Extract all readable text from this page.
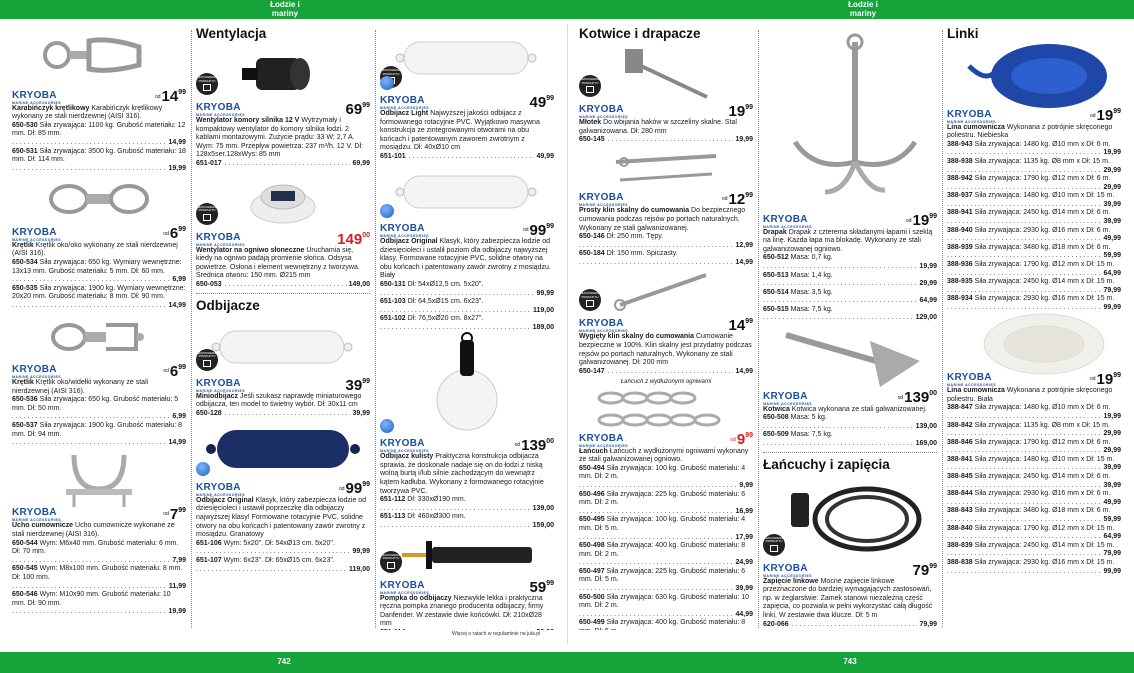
Łodzie i mariny
Łodzie i mariny
742	743
KRYOBA
MARINE ACCESSORIES
$od14^{99}$
Karabińczyk krętlikowy Karabińczyk krętlikowy wykonany ze stali nierdzewnej (AISI 316).
650-530 Siła zrywająca: 1100 kg. Grubość materiału: 12 mm. Dł: 85 mm.
. . .
14,99
650-531 Siła zrywająca: 3500 kg. Grubość materiału: 18 mm. Dł: 114 mm.
. . .
19,99
KRYOBA
MARINE ACCESSORIES
$od6^{99}$
Krętlik Krętlik oko/oko wykonany ze stali nierdzewnej (AISI 316).
650-534 Siła zrywająca: 650 kg. Wymiary wewnętrzne: 13x13 mm. Grubość materiału: 5 mm. Dł: 60 mm.
. . .
6,99
650-535 Siła zrywająca: 1900 kg. Wymiary wewnętrzne: 20x20 mm. Grubość materiału: 8 mm. Dł: 90 mm.
. . .
14,99
KRYOBA
MARINE ACCESSORIES
$od6^{99}$
Krętlik Krętlik oko/widełki wykonany ze stali nierdzewnej (AISI 316).
650-536 Siła zrywająca: 650 kg. Grubość materiału: 5 mm. Dł: 50 mm.
. . .
6,99
650-537 Siła zrywająca: 1900 kg. Grubość materiału: 8 mm. Dł: 94 mm.
. . .
14,99
KRYOBA
MARINE ACCESSORIES
$od7^{99}$
Ucho cumownicze Ucho cumownicze wykonane ze stali nierdzewnej (AISI 316).
650-544 Wym: M6x40 mm. Grubość materiału: 6 mm. Dł: 70 mm.
. . .
7,99
650-545 Wym: M8x100 mm. Grubość materiału: 8 mm. Dł: 100 mm.
. . .
11,99
650-546 Wym: M10x90 mm. Grubość materiału: 10 mm. Dł: 90 mm.
. . .
19,99
Wentylacja
ZESTAWIENIE PRODUKTU
KRYOBA
MARINE ACCESSORIES	$69^{99}$
Wentylator komory silnika 12 V Wytrzymały i kompaktowy wentylator do komory silnika łodzi. 2 kablami montażowymi. Zużycie prądu: 33 W; 2,7 A. Wym: 75 mm. Przepływ powietrza: 237 m³/h. 12 V. Dł: 128x5ser.128xWys: 85 mm
651-017 . . .	69,99
ZESTAWIENIE PRODUKTU
KRYOBA
MARINE ACCESSORIES	$149^{00}$
Wentylator na ogniwo słoneczne Uruchamia się, kiedy na ogniwo padają promienie słońca. Odsysa powietrze. Osłona i element wewnętrzny z tworzywa. Średnica otworu: 150 mm. Ø215 mm
650-053 . . .	149,00
Odbijacze
ZESTAWIENIE PRODUKTU
KRYOBA
MARINE ACCESSORIES	$39^{99}$
Miniodbijacz Jeśli szukasz naprawdę miniaturowego odbijacza, ten model to świetny wybór. Dł: 30x11 cm
650-128 . . .	39,99
KRYOBA
MARINE ACCESSORIES
$od99^{99}$
Odbijacz Original Klasyk, który zabezpiecza łodzie od dziesięcioleci i ustawił poprzeczkę dla odbijaczy najwyższej klasy! Formowane rotacyjnie PVC, solidne otwory na obu końcach i patentowany zawór zwrotny z mosiądzu. Granatowy
651-106 Wym: 5x20". Dł: 54xØ13 cm. 5x20".
. . .
99,99
651-107 Wym: 6x23". Dł: 65xØ15 cm. 6x23".
. . .
119,00
ZESTAWIENIE PRODUKTU
KRYOBA
MARINE ACCESSORIES	$49^{99}$
Odbijacz Light Najwyższej jakości odbijacz z formowanego rotacyjnie PVC. Wyjątkowo masywna konstrukcja ze zintegrowanymi otworami na obu końcach i patentowanym zaworem zwrotnym z mosiądzu. Dł: 40xØ10 cm
651-101 . . .	49,99
KRYOBA
MARINE ACCESSORIES
$od99^{99}$
Odbijacz Original Klasyk, który zabezpiecza łodzie od dziesięcioleci i ustalił poziom dla odbijaczy najwyższej klasy. Formowane rotacyjnie PVC, solidne otwory na obu końcach i patentowany zawór zwrotny z mosiądzu. Biały
650-131 Dł: 54xØ12,5 cm. 5x20".
. . .
99,99
651-103 Dł: 64,5xØ15 cm. 6x23".
. . .
119,00
651-102 Dł: 76,5xØ20 cm. 8x27".
. . .
189,00
KRYOBA
MARINE ACCESSORIES
$od139^{00}$
Odbijacz kulisty Praktyczna konstrukcja odbijacza sprawia, że doskonale nadaje się on do łodzi z niską wolną burtą i/lub silnie zachodzącym do wewnątrz kątem kadłuba. Wykonany z formowanego rotacyjnie tworzywa PVC.
651-112 Dł: 330xØ190 mm.
. . .
139,00
651-113 Dł: 460xØ300 mm.
. . .
159,00
ZESTAWIENIE PRODUKTU
KRYOBA
MARINE ACCESSORIES	$59^{99}$
Pompka do odbijaczy Niezwykle lekka i praktyczna ręczna pompka znanego producenta odbijaczy, firmy Danfender. W zestawie dwie końcówki. Dł: 210xØ28 mm
. . .
Kotwice i drapacze
ZESTAWIENIE PRODUKTU
KRYOBA
MARINE ACCESSORIES	$19^{99}$
Młotek Do wbijania haków w szczeliny skalne. Stal galwanizowana. Dł: 280 mm
650-145 . . .	19,99
KRYOBA
MARINE ACCESSORIES
$od12^{99}$
Prosty klin skalny do cumowania Do bezpiecznego cumowania podczas rejsów po portach naturalnych. Wykonany ze stali galwanizowanej.
650-146 Dł: 250 mm. Tępy.
. . .
12,99
650-184 Dł: 150 mm. Spiczasty.
. . .
14,99
ZESTAWIENIE PRODUKTU
KRYOBA
MARINE ACCESSORIES	$14^{99}$
Wygięty klin skalny do cumowania Cumowanie bezpieczne w 100%. Klin skalny jest przydatny podczas rejsów po portach naturalnych. Wykonany ze stali galwanizowanej. Dł: 200 mm
650-147 . . .	14,99
Łańcuch z wydłużonymi ogniwami
KRYOBA
MARINE ACCESSORIES
$od9^{99}$
Łańcuch Łańcuch z wydłużonymi ogniwami wykonany ze stali galwanizowanej ogniowo.
650-494 Siła zrywająca: 100 kg. Grubość materiału: 4 mm. Dł: 2 m.
. . .
9,99
650-496 Siła zrywająca: 225 kg. Grubość materiału: 6 mm. Dł: 2 m.
. . .
16,99
650-495 Siła zrywająca: 100 kg. Grubość materiału: 4 mm. Dł: 5 m.
. . .
17,99
650-498 Siła zrywająca: 400 kg. Grubość materiału: 8 mm. Dł: 2 m.
. . .
24,99
650-497 Siła zrywająca: 225 kg. Grubość materiału: 6 mm. Dł: 5 m.
. . .
39,99
650-500 Siła zrywająca: 630 kg. Grubość materiału: 10 mm. Dł: 2 m.
. . .
44,99
650-499 Siła zrywająca: 400 kg. Grubość materiału: 8
KRYOBA
MARINE ACCESSORIES
$od19^{99}$
Drapak Drapak z czterema składanymi łapami i szeklą na linę. Każda łapa ma blokadę. Wykonany ze stali galwanizowanej ogniowo.
650-512 Masa: 0,7 kg.
. . .
19,99
650-513 Masa: 1,4 kg.
. . .
29,99
650-514 Masa: 3,5 kg.
. . .
64,99
650-515 Masa: 7,5 kg.
. . .
129,00
KRYOBA
MARINE ACCESSORIES
$od139^{00}$
Kotwica Kotwica wykonana ze stali galwanizowanej.
650-508 Masa: 5 kg.
. . .
139,00
650-509 Masa: 7,5 kg.
. . .
169,00
Łańcuchy i zapięcia
ZESTAWIENIE PRODUKTU
KRYOBA
MARINE ACCESSORIES	$79^{99}$
Zapięcie linkowe Mocne zapięcie linkowe przeznaczone do bardziej wymagających zastosowań, np. w żeglarstwie. Zamek stanowi niezależną część zapięcia, co pozwala w pełni wykorzystać całą długość linki. W zestawie dwa klucze. Dł: 5 m
620-066 . . .	79,99
Linki
KRYOBA
MARINE ACCESSORIES
$od19^{99}$
Lina cumownicza Wykonana z potrójnie skręconego poliestru. Niebieska
388-943 Siła zrywająca: 1480 kg. Ø10 mm x Dł: 6 m.
. . .
19,99
388-938 Siła zrywająca: 1135 kg. Ø8 mm x Dł: 15 m.
. . .
29,99
388-942 Siła zrywająca: 1790 kg. Ø12 mm x Dł: 6 m.
. . .
29,99
388-937 Siła zrywająca: 1480 kg. Ø10 mm x Dł: 15 m.
. . .
39,99
388-941 Siła zrywająca: 2450 kg. Ø14 mm x Dł: 6 m.
. . .
39,99
388-940 Siła zrywająca: 2930 kg. Ø16 mm x Dł: 6 m.
. . .
49,99
388-939 Siła zrywająca: 3480 kg. Ø18 mm x Dł: 6 m.
. . .
59,99
388-936 Siła zrywająca: 1790 kg. Ø12 mm x Dł: 15 m.
. . .
64,99
388-935 Siła zrywająca: 2450 kg. Ø14 mm x Dł: 15 m.
. . .
79,99
388-934 Siła zrywająca: 2930 kg. Ø16 mm x Dł: 15 m.
. . .
99,99
KRYOBA
MARINE ACCESSORIES
$od19^{99}$
Lina cumownicza Wykonana z potrójnie skręconego poliestru. Biała
388-847 Siła zrywająca: 1480 kg. Ø10 mm x Dł: 6 m.
. . .
19,99
388-842 Siła zrywająca: 1135 kg. Ø8 mm x Dł: 15 m.
. . .
29,99
388-846 Siła zrywająca: 1790 kg. Ø12 mm x Dł: 6 m.
. . .
29,99
388-841 Siła zrywająca: 1480 kg. Ø10 mm x Dł: 15 m.
. . .
39,99
388-845 Siła zrywająca: 2450 kg. Ø14 mm x Dł: 6 m.
. . .
39,99
388-844 Siła zrywająca: 2930 kg. Ø16 mm x Dł: 6 m.
. . .
49,99
388-843 Siła zrywająca: 3480 kg. Ø18 mm x Dł: 6 m.
. . .
59,99
388-840 Siła zrywająca: 1790 kg. Ø12 mm x Dł: 15 m.
. . .
64,99
388-839 Siła zrywająca: 2450 kg. Ø14 mm x Dł: 15 m.
. . .
79,99
388-838 Siła zrywająca: 2930 kg. Ø16 mm x Dł: 15 m.
. . .
99,99
Więcej o ratach w regulaminie na jula.pl
